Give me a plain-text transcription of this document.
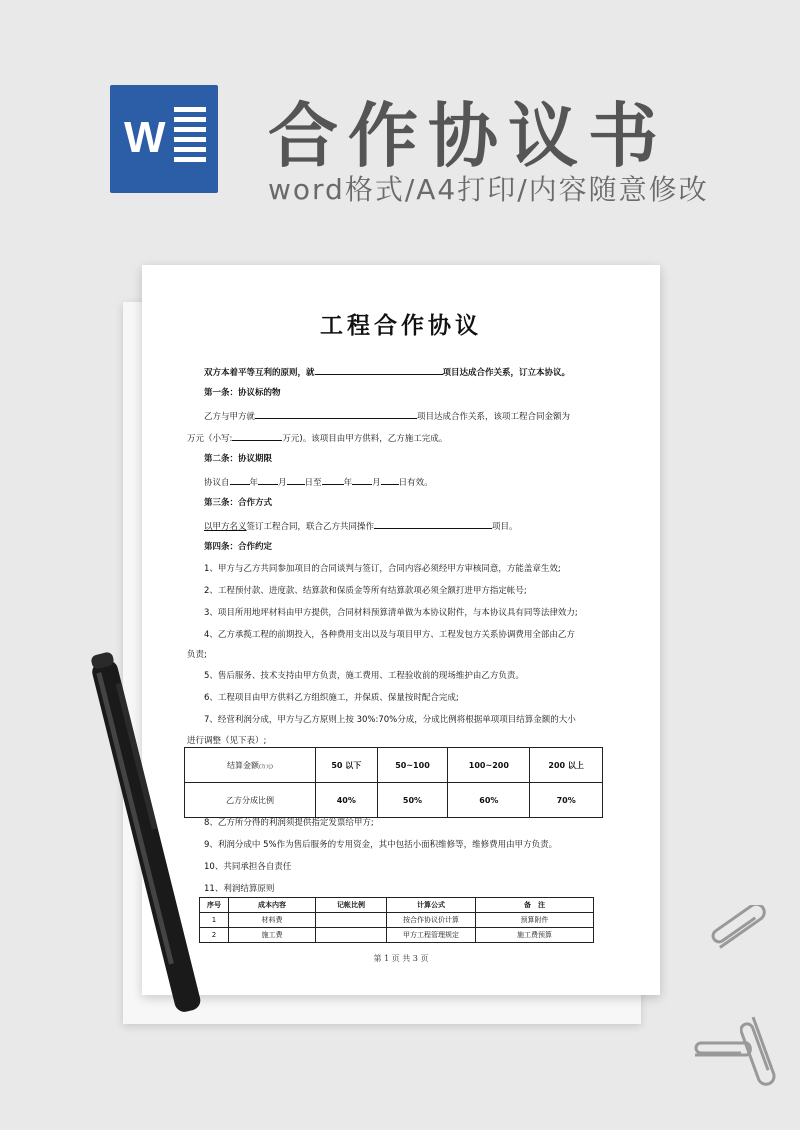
W 合作协议书
word格式/A4打印/内容随意修改
工程合作协议
双方本着平等互利的原则，就	项目达成合作关系，订立本协议。
第一条：协议标的物
乙方与甲方就	项目达成合作关系，该项工程合同金额为
万元（小写:	万元)。该项目由甲方供料，乙方施工完成。
第二条：协议期限
协议自 年 月 日至	年 月 日有效。
第三条：合作方式
以甲方名义签订工程合同，联合乙方共同操作	项目。
第四条：合作约定
1、甲方与乙方共同参加项目的合同谈判与签订，合同内容必须经甲方审核同意，方能盖章生效;
2、工程预付款、进度款、结算款和保质金等所有结算款项必须全额打进甲方指定帐号;
3、项目所用地坪材料由甲方提供，合同材料预算清单做为本协议附件，与本协议具有同等法律效力;
4、乙方承揽工程的前期投入，各种费用支出以及与项目甲方、工程发包方关系协调费用全部由乙方
负责;
5、售后服务、技术支持由甲方负责，施工费用、工程验收前的现场维护由乙方负责。
6、工程项目由甲方供料乙方组织施工，并保质、保量按时配合完成;
7、经营利润分成，甲方与乙方原则上按 30%:70%分成，分成比例将根据单项项目结算金额的大小
进行调整（见下表）;
结算金额(万元)	50 以下	50~100	100~200	200 以上
乙方分成比例	40%	50%	60%	70%
8、乙方所分得的利润须提供指定发票给甲方;
9、利润分成中 5%作为售后服务的专用资金，其中包括小面积维修等，维修费用由甲方负责。
10、共同承担各自责任
11、利润结算原则
序号	成本内容	记帐比例	计算公式	备　注
1	材料费		按合作协议价计算	预算附件
2	施工费		甲方工程管理规定	施工费预算
第 1 页 共 3 页
